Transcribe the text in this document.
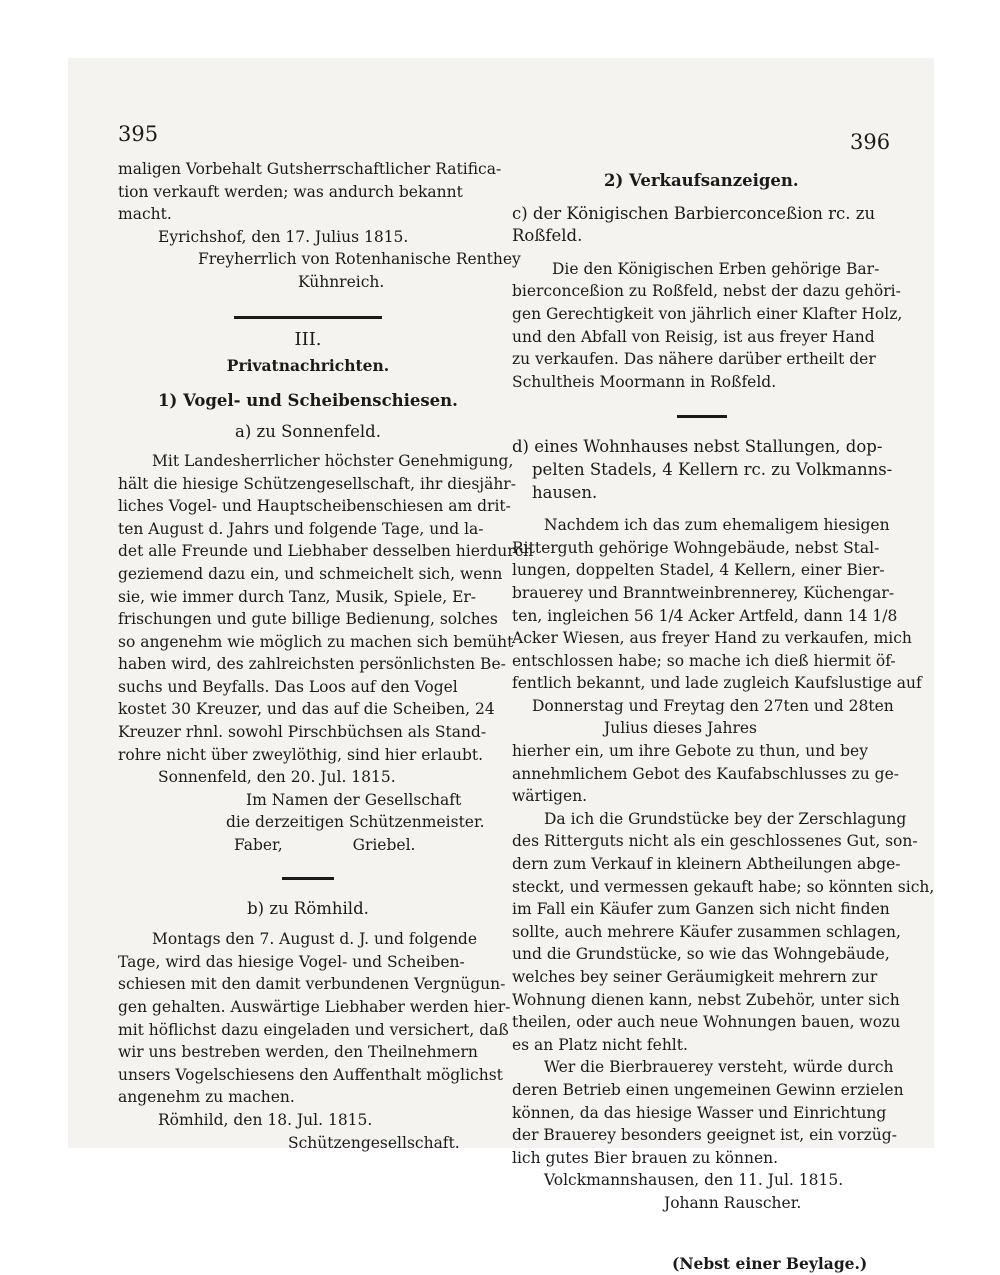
395	396
maligen Vorbehalt Gutsherrschaftlicher Ratifica-
tion verkauft werden; was andurch bekannt
macht.
Eyrichshof, den 17. Julius 1815.
Freyherrlich von Rotenhanische Renthey
Kühnreich.
III.
Privatnachrichten.
1) Vogel- und Scheibenschiesen.
a) zu Sonnenfeld.
Mit Landesherrlicher höchster Genehmigung,
hält die hiesige Schützengesellschaft, ihr diesjähr-
liches Vogel- und Hauptscheibenschiesen am drit-
ten August d. Jahrs und folgende Tage, und la-
det alle Freunde und Liebhaber desselben hierdurch
geziemend dazu ein, und schmeichelt sich, wenn
sie, wie immer durch Tanz, Musik, Spiele, Er-
frischungen und gute billige Bedienung, solches
so angenehm wie möglich zu machen sich bemüht
haben wird, des zahlreichsten persönlichsten Be-
suchs und Beyfalls. Das Loos auf den Vogel
kostet 30 Kreuzer, und das auf die Scheiben, 24
Kreuzer rhnl. sowohl Pirschbüchsen als Stand-
rohre nicht über zweylöthig, sind hier erlaubt.
Sonnenfeld, den 20. Jul. 1815.
Im Namen der Gesellschaft
die derzeitigen Schützenmeister.
Faber,	Griebel.
b) zu Römhild.
Montags den 7. August d. J. und folgende
Tage, wird das hiesige Vogel- und Scheiben-
schiesen mit den damit verbundenen Vergnügun-
gen gehalten. Auswärtige Liebhaber werden hier-
mit höflichst dazu eingeladen und versichert, daß
wir uns bestreben werden, den Theilnehmern
unsers Vogelschiesens den Auffenthalt möglichst
angenehm zu machen.
Römhild, den 18. Jul. 1815.
Schützengesellschaft.
2) Verkaufsanzeigen.
c) der Königischen Barbierconceßion rc. zu
Roßfeld.
Die den Königischen Erben gehörige Bar-
bierconceßion zu Roßfeld, nebst der dazu gehöri-
gen Gerechtigkeit von jährlich einer Klafter Holz,
und den Abfall von Reisig, ist aus freyer Hand
zu verkaufen. Das nähere darüber ertheilt der
Schultheis Moormann in Roßfeld.
d) eines Wohnhauses nebst Stallungen, dop-
pelten Stadels, 4 Kellern rc. zu Volkmanns-
hausen.
Nachdem ich das zum ehemaligem hiesigen
Ritterguth gehörige Wohngebäude, nebst Stal-
lungen, doppelten Stadel, 4 Kellern, einer Bier-
brauerey und Branntweinbrennerey, Küchengar-
ten, ingleichen 56 1/4 Acker Artfeld, dann 14 1/8
Acker Wiesen, aus freyer Hand zu verkaufen, mich
entschlossen habe; so mache ich dieß hiermit öf-
fentlich bekannt, und lade zugleich Kaufslustige auf
Donnerstag und Freytag den 27ten und 28ten
Julius dieses Jahres
hierher ein, um ihre Gebote zu thun, und bey
annehmlichem Gebot des Kaufabschlusses zu ge-
wärtigen.
Da ich die Grundstücke bey der Zerschlagung
des Ritterguts nicht als ein geschlossenes Gut, son-
dern zum Verkauf in kleinern Abtheilungen abge-
steckt, und vermessen gekauft habe; so könnten sich,
im Fall ein Käufer zum Ganzen sich nicht finden
sollte, auch mehrere Käufer zusammen schlagen,
und die Grundstücke, so wie das Wohngebäude,
welches bey seiner Geräumigkeit mehrern zur
Wohnung dienen kann, nebst Zubehör, unter sich
theilen, oder auch neue Wohnungen bauen, wozu
es an Platz nicht fehlt.
Wer die Bierbrauerey versteht, würde durch
deren Betrieb einen ungemeinen Gewinn erzielen
können, da das hiesige Wasser und Einrichtung
der Brauerey besonders geeignet ist, ein vorzüg-
lich gutes Bier brauen zu können.
Volckmannshausen, den 11. Jul. 1815.
Johann Rauscher.
(Nebst einer Beylage.)
